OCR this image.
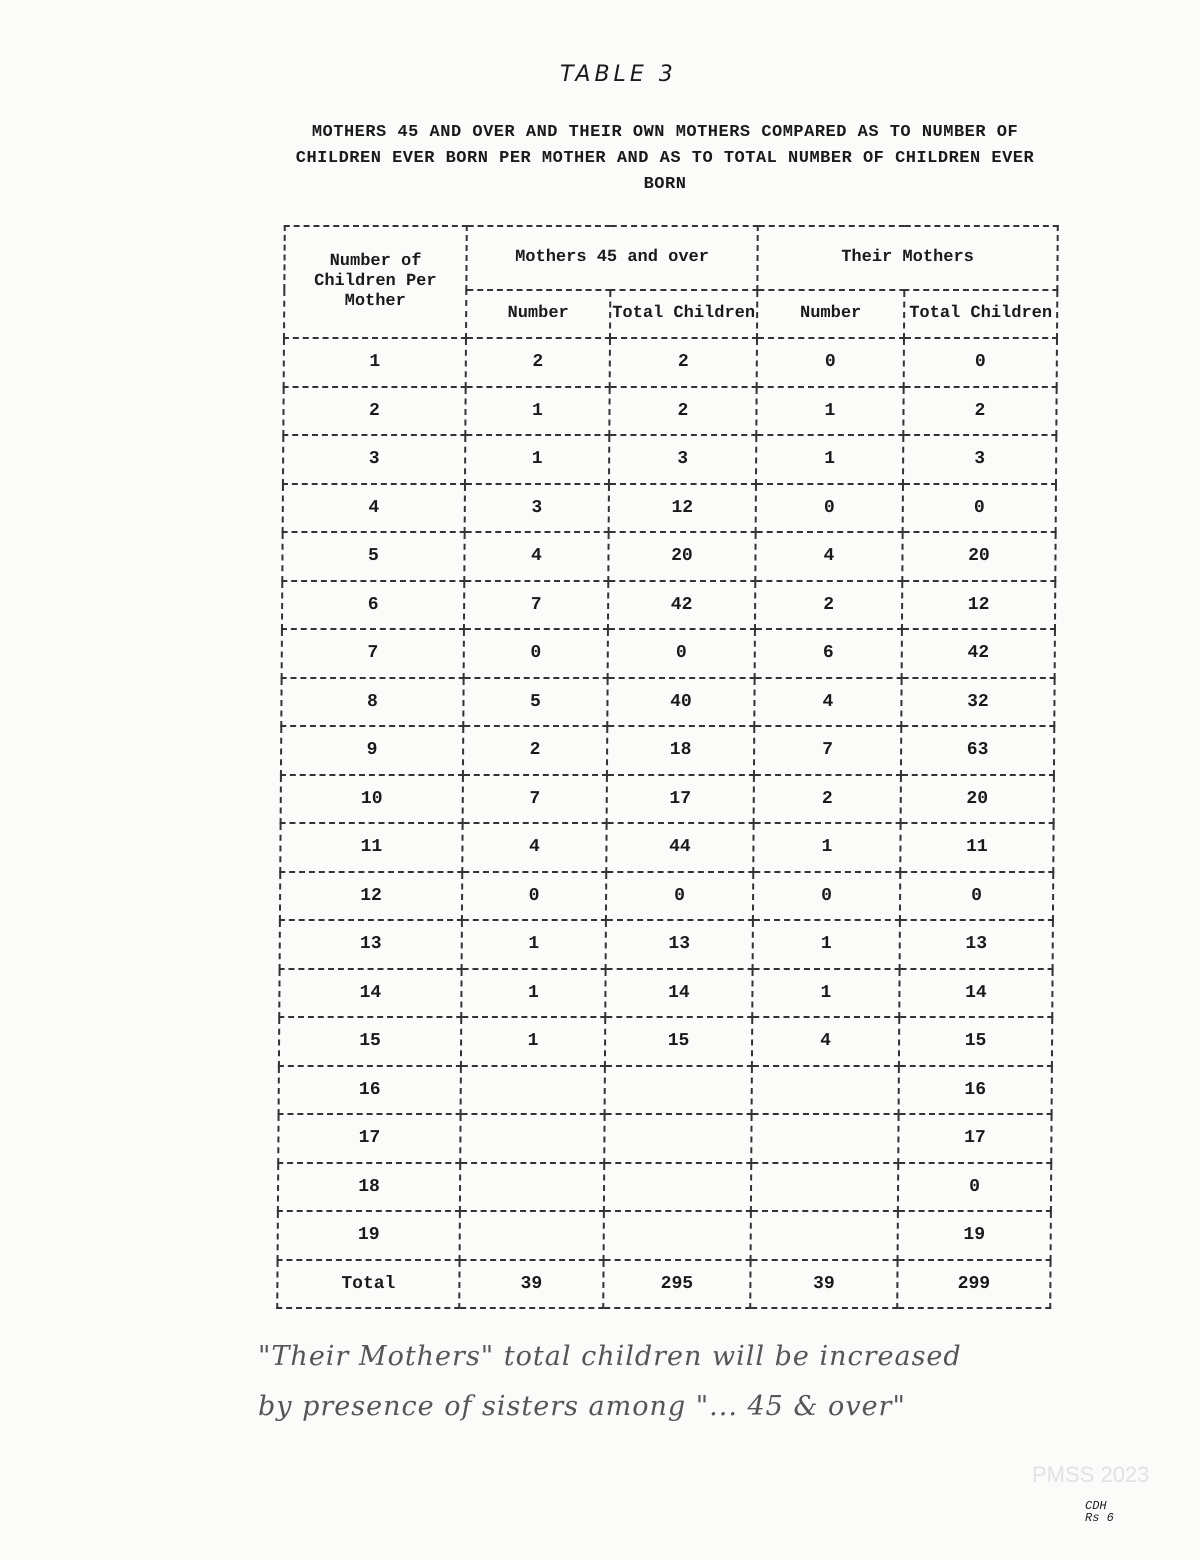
TABLE 3
MOTHERS 45 AND OVER AND THEIR OWN MOTHERS COMPARED AS TO NUMBER OF CHILDREN EVER BORN PER MOTHER AND AS TO TOTAL NUMBER OF CHILDREN EVER BORN
Number of Children Per Mother	Mothers 45 and over		Their Mothers	
	Number	Total Children	Number	Total Children
1	2	2	0	0
2	1	2	1	2
3	1	3	1	3
4	3	12	0	0
5	4	20	4	20
6	7	42	2	12
7	0	0	6	42
8	5	40	4	32
9	2	18	7	63
10	7	17	2	20
11	4	44	1	11
12	0	0	0	0
13	1	13	1	13
14	1	14	1	14
15	1	15	4	15
16				16
17				17
18				0
19				19
Total	39	295	39	299
"Their Mothers" total children will be increased
by presence of sisters among "... 45 & over"
PMSS 2023
CDH
Rs 6
